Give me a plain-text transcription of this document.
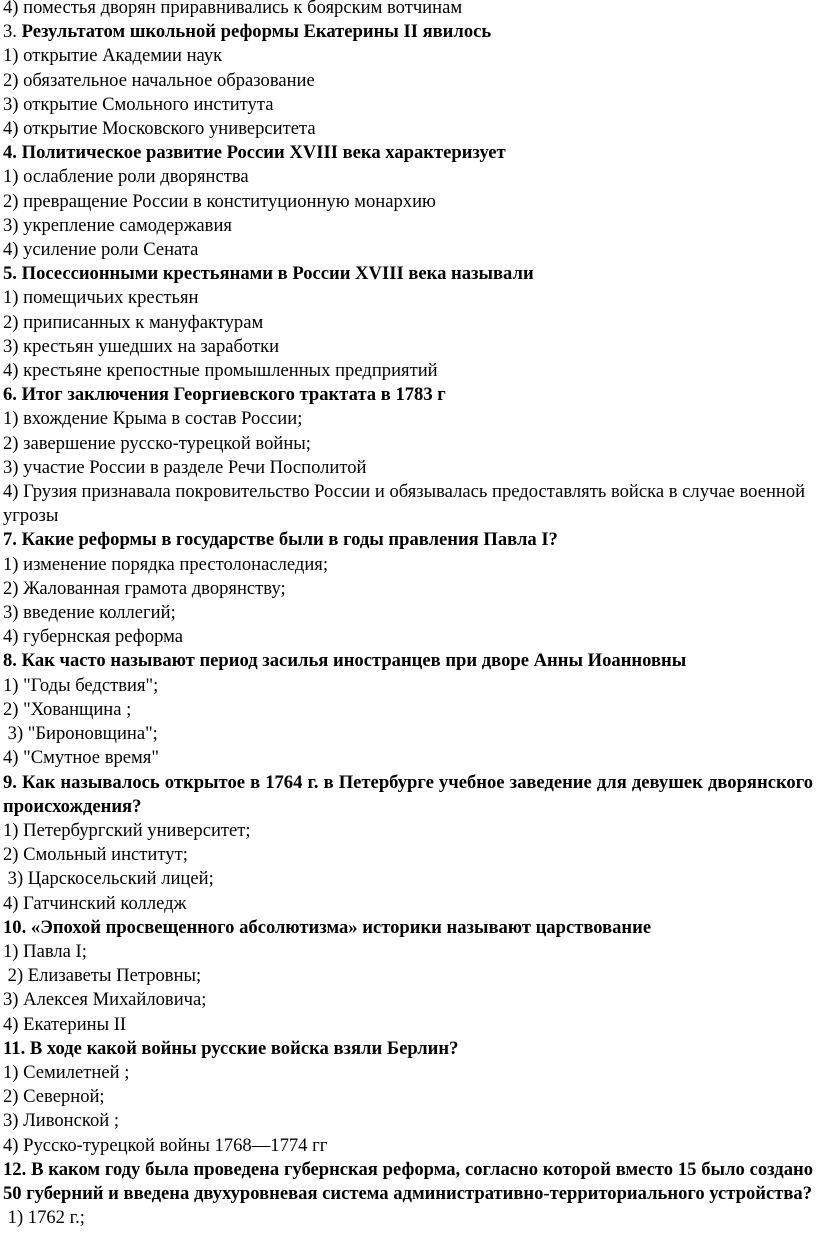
4) поместья дворян приравнивались к боярским вотчинам
3. Результатом школьной реформы Екатерины II явилось
1) открытие Академии наук
2) обязательное начальное образование
3) открытие Смольного института
4) открытие Московского университета
4. Политическое развитие России XVIII века характеризует
1) ослабление роли дворянства
2) превращение России в конституционную монархию
3) укрепление самодержавия
4) усиление роли Сената
5. Посессионными крестьянами в России XVIII века называли
1) помещичьих крестьян
2) приписанных к мануфактурам
3) крестьян ушедших на заработки
4) крестьяне крепостные промышленных предприятий
6. Итог заключения Георгиевского трактата в 1783 г
1) вхождение Крыма в состав России;
2) завершение русско-турецкой войны;
3) участие России в разделе Речи Посполитой
4) Грузия признавала покровительство России и обязывалась предоставлять войска в случае военной угрозы
7. Какие реформы в государстве были в годы правления Павла I?
1) изменение порядка престолонаследия;
2) Жалованная грамота дворянству;
3) введение коллегий;
4) губернская реформа
8. Как часто называют период засилья иностранцев при дворе Анны Иоанновны
1) "Годы бедствия";
2) "Хованщина ;
3) "Бироновщина";
4) "Смутное время"
9. Как называлось открытое в 1764 г. в Петербурге учебное заведение для девушек дворянского происхождения?
1) Петербургский университет;
2) Смольный институт;
3) Царскосельский лицей;
4) Гатчинский колледж
10. «Эпохой просвещенного абсолютизма» историки называют царствование
1) Павла I;
2) Елизаветы Петровны;
3) Алексея Михайловича;
4) Екатерины II
11. В ходе какой войны русские войска взяли Берлин?
1) Семилетней ;
2) Северной;
3) Ливонской ;
4) Русско-турецкой войны 1768—1774 гг
12. В каком году была проведена губернская реформа, согласно которой вместо 15 было создано 50 губерний и введена двухуровневая система административно-территориального устройства?
1) 1762 г.;
